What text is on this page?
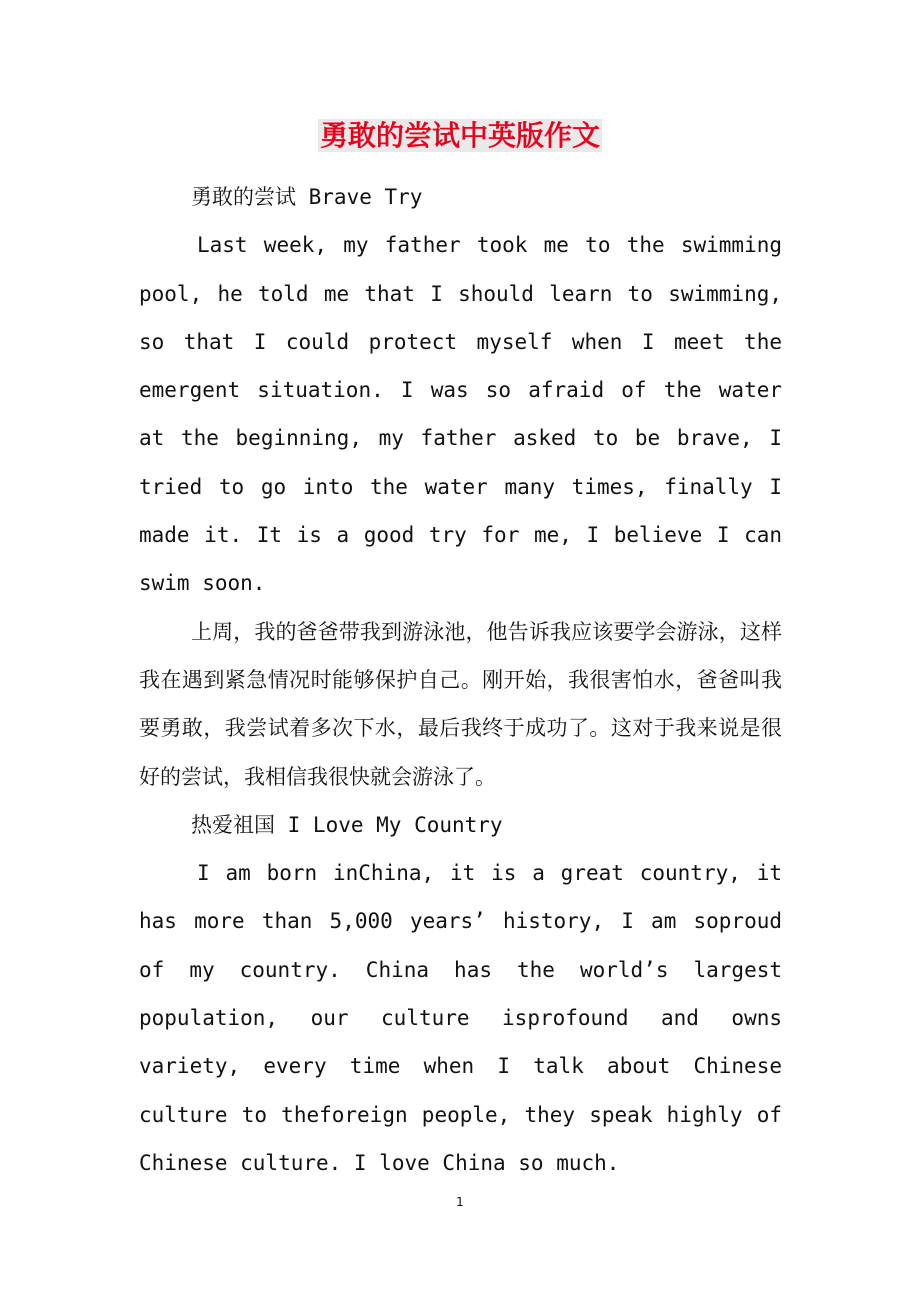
勇敢的尝试中英版作文

勇敢的尝试 Brave Try

Last week, my father took me to the swimming pool, he told me that I should learn to swimming, so that I could protect myself when I meet the emergent situation. I was so afraid of the water at the beginning, my father asked to be brave, I tried to go into the water many times, finally I made it. It is a good try for me, I believe I can swim soon.

上周，我的爸爸带我到游泳池，他告诉我应该要学会游泳，这样我在遇到紧急情况时能够保护自己。刚开始，我很害怕水，爸爸叫我要勇敢，我尝试着多次下水，最后我终于成功了。这对于我来说是很好的尝试，我相信我很快就会游泳了。

热爱祖国 I Love My Country

I am born inChina, it is a great country, it has more than 5,000 years’ history, I am soproud of my country. China has the world’s largest population, our culture isprofound and owns variety, every time when I talk about Chinese culture to theforeign people, they speak highly of Chinese culture. I love China so much.

1
